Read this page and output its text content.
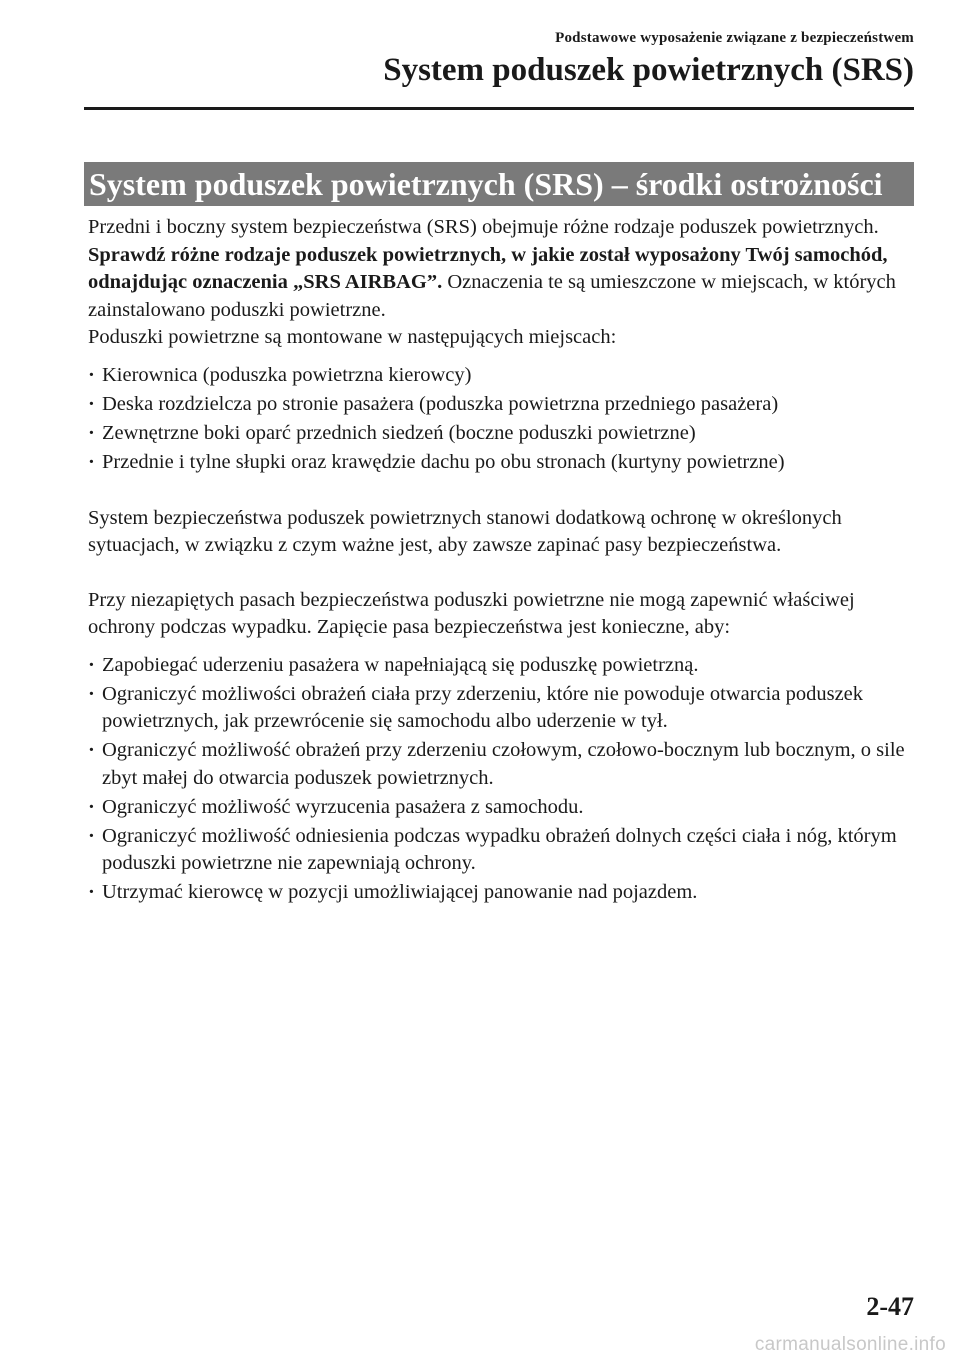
Podstawowe wyposażenie związane z bezpieczeństwem
System poduszek powietrznych (SRS)
System poduszek powietrznych (SRS) – środki ostrożności

Przedni i boczny system bezpieczeństwa (SRS) obejmuje różne rodzaje poduszek powietrznych. Sprawdź różne rodzaje poduszek powietrznych, w jakie został wyposażony Twój samochód, odnajdując oznaczenia „SRS AIRBAG”. Oznaczenia te są umieszczone w miejscach, w których zainstalowano poduszki powietrzne.

Poduszki powietrzne są montowane w następujących miejscach:

· Kierownica (poduszka powietrzna kierowcy)
· Deska rozdzielcza po stronie pasażera (poduszka powietrzna przedniego pasażera)
· Zewnętrzne boki oparć przednich siedzeń (boczne poduszki powietrzne)
· Przednie i tylne słupki oraz krawędzie dachu po obu stronach (kurtyny powietrzne)

System bezpieczeństwa poduszek powietrznych stanowi dodatkową ochronę w określonych sytuacjach, w związku z czym ważne jest, aby zawsze zapinać pasy bezpieczeństwa.

Przy niezapiętych pasach bezpieczeństwa poduszki powietrzne nie mogą zapewnić właściwej ochrony podczas wypadku. Zapięcie pasa bezpieczeństwa jest konieczne, aby:

· Zapobiegać uderzeniu pasażera w napełniającą się poduszkę powietrzną.
· Ograniczyć możliwości obrażeń ciała przy zderzeniu, które nie powoduje otwarcia poduszek powietrznych, jak przewrócenie się samochodu albo uderzenie w tył.
· Ograniczyć możliwość obrażeń przy zderzeniu czołowym, czołowo-bocznym lub bocznym, o sile zbyt małej do otwarcia poduszek powietrznych.
· Ograniczyć możliwość wyrzucenia pasażera z samochodu.
· Ograniczyć możliwość odniesienia podczas wypadku obrażeń dolnych części ciała i nóg, którym poduszki powietrzne nie zapewniają ochrony.
· Utrzymać kierowcę w pozycji umożliwiającej panowanie nad pojazdem.
2-47
carmanualsonline.info
